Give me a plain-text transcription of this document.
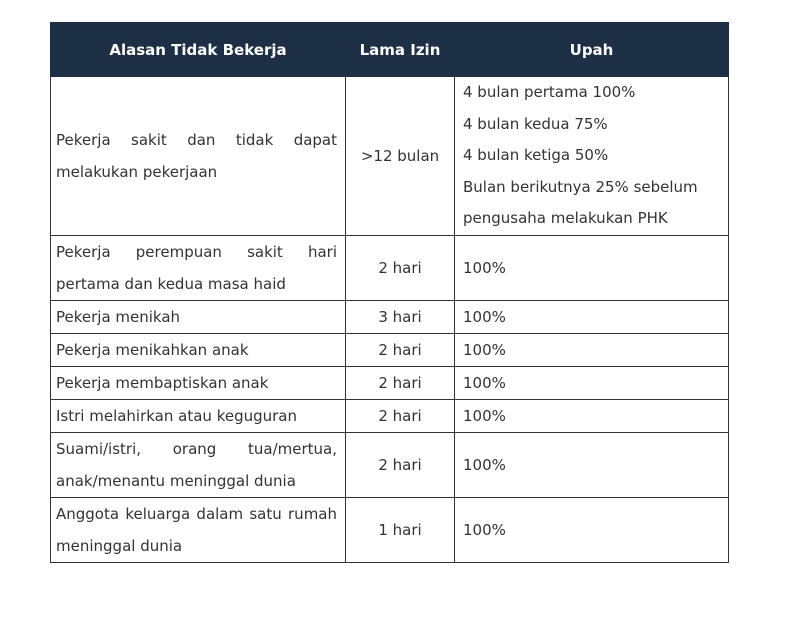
Alasan Tidak Bekerja	Lama Izin	Upah
Pekerja sakit dan tidak dapat melakukan pekerjaan	>12 bulan	4 bulan pertama 100%
4 bulan kedua 75%
4 bulan ketiga 50%
Bulan berikutnya 25% sebelum pengusaha melakukan PHK

Pekerja perempuan sakit hari pertama dan kedua masa haid	2 hari	100%
Pekerja menikah	3 hari	100%
Pekerja menikahkan anak	2 hari	100%
Pekerja membaptiskan anak	2 hari	100%
Istri melahirkan atau keguguran	2 hari	100%
Suami/istri, orang tua/mertua, anak/menantu meninggal dunia	2 hari	100%
Anggota keluarga dalam satu rumah meninggal dunia	1 hari	100%
